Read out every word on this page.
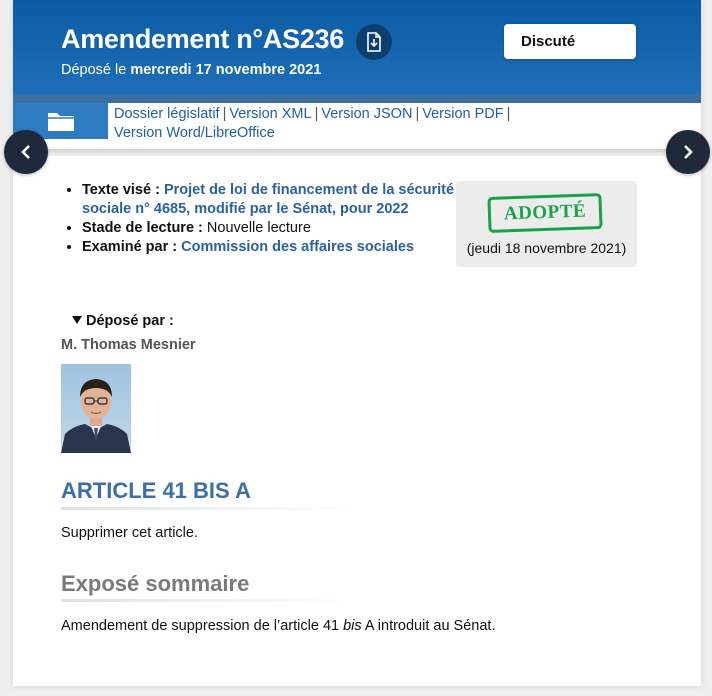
Amendement n°AS236
Déposé le mercredi 17 novembre 2021
Discuté
Dossier législatif | Version XML | Version JSON | Version PDF |
Version Word/LibreOffice
• Texte visé : Projet de loi de financement de la sécurité sociale n° 4685, modifié par le Sénat, pour 2022
• Stade de lecture : Nouvelle lecture
• Examiné par : Commission des affaires sociales
ADOPTÉ
(jeudi 18 novembre 2021)
Déposé par :
M. Thomas Mesnier
ARTICLE 41 BIS A
Supprimer cet article.
Exposé sommaire
Amendement de suppression de l’article 41 bis A introduit au Sénat.
